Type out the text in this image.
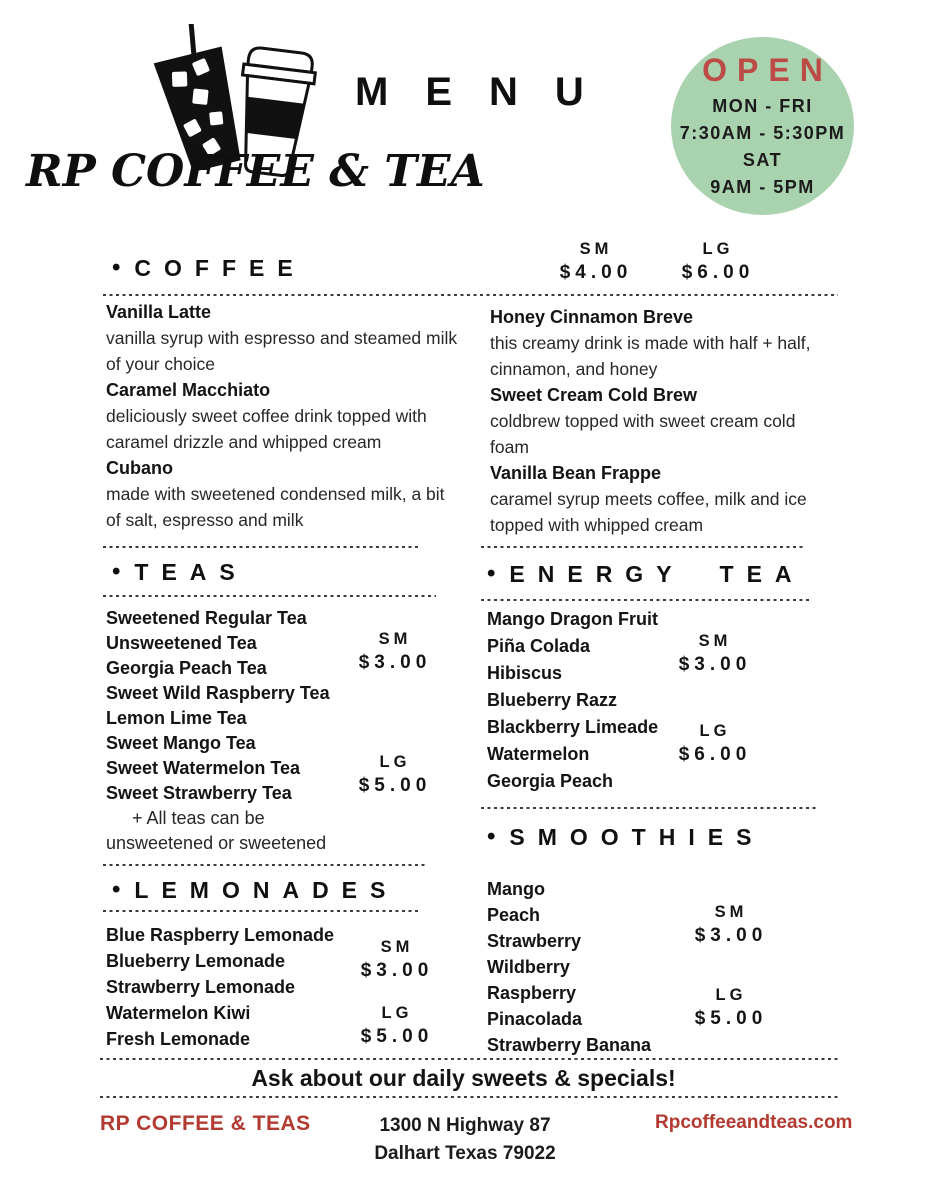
RP COFFEE & TEA
MENU
OPEN
MON - FRI
7:30AM - 5:30PM
SAT
9AM - 5PM
• COFFEE
• TEAS	• ENERGY TEA
• LEMONADES
• SMOOTHIES
SM
$4.00
LG
$6.00
Vanilla Latte
vanilla syrup with espresso and steamed milk
of your choice
Caramel Macchiato
deliciously sweet coffee drink topped with
caramel drizzle and whipped cream
Cubano
made with sweetened condensed milk, a bit
of salt, espresso and milk
Honey Cinnamon Breve
this creamy drink is made with half + half,
cinnamon, and honey
Sweet Cream Cold Brew
coldbrew topped with sweet cream cold
foam
Vanilla Bean Frappe
caramel syrup meets coffee, milk and ice
topped with whipped cream
Sweetened Regular Tea
Unsweetened Tea
Georgia Peach Tea
Sweet Wild Raspberry Tea
Lemon Lime Tea
Sweet Mango Tea
Sweet Watermelon Tea
Sweet Strawberry Tea
+ All teas can be
unsweetened or sweetened
SM
$3.00
LG
$5.00
Mango Dragon Fruit
Piña Colada
Hibiscus
Blueberry Razz
Blackberry Limeade
Watermelon
Georgia Peach
SM
$3.00
LG
$6.00
Blue Raspberry Lemonade
Blueberry Lemonade
Strawberry Lemonade
Watermelon Kiwi
Fresh Lemonade
SM
$3.00
LG
$5.00
Mango
Peach
Strawberry
Wildberry
Raspberry
Pinacolada
Strawberry Banana
SM
$3.00
LG
$5.00
Ask about our daily sweets & specials!
RP COFFEE & TEAS	1300 N Highway 87
Dalhart Texas 79022
Rpcoffeeandteas.com
